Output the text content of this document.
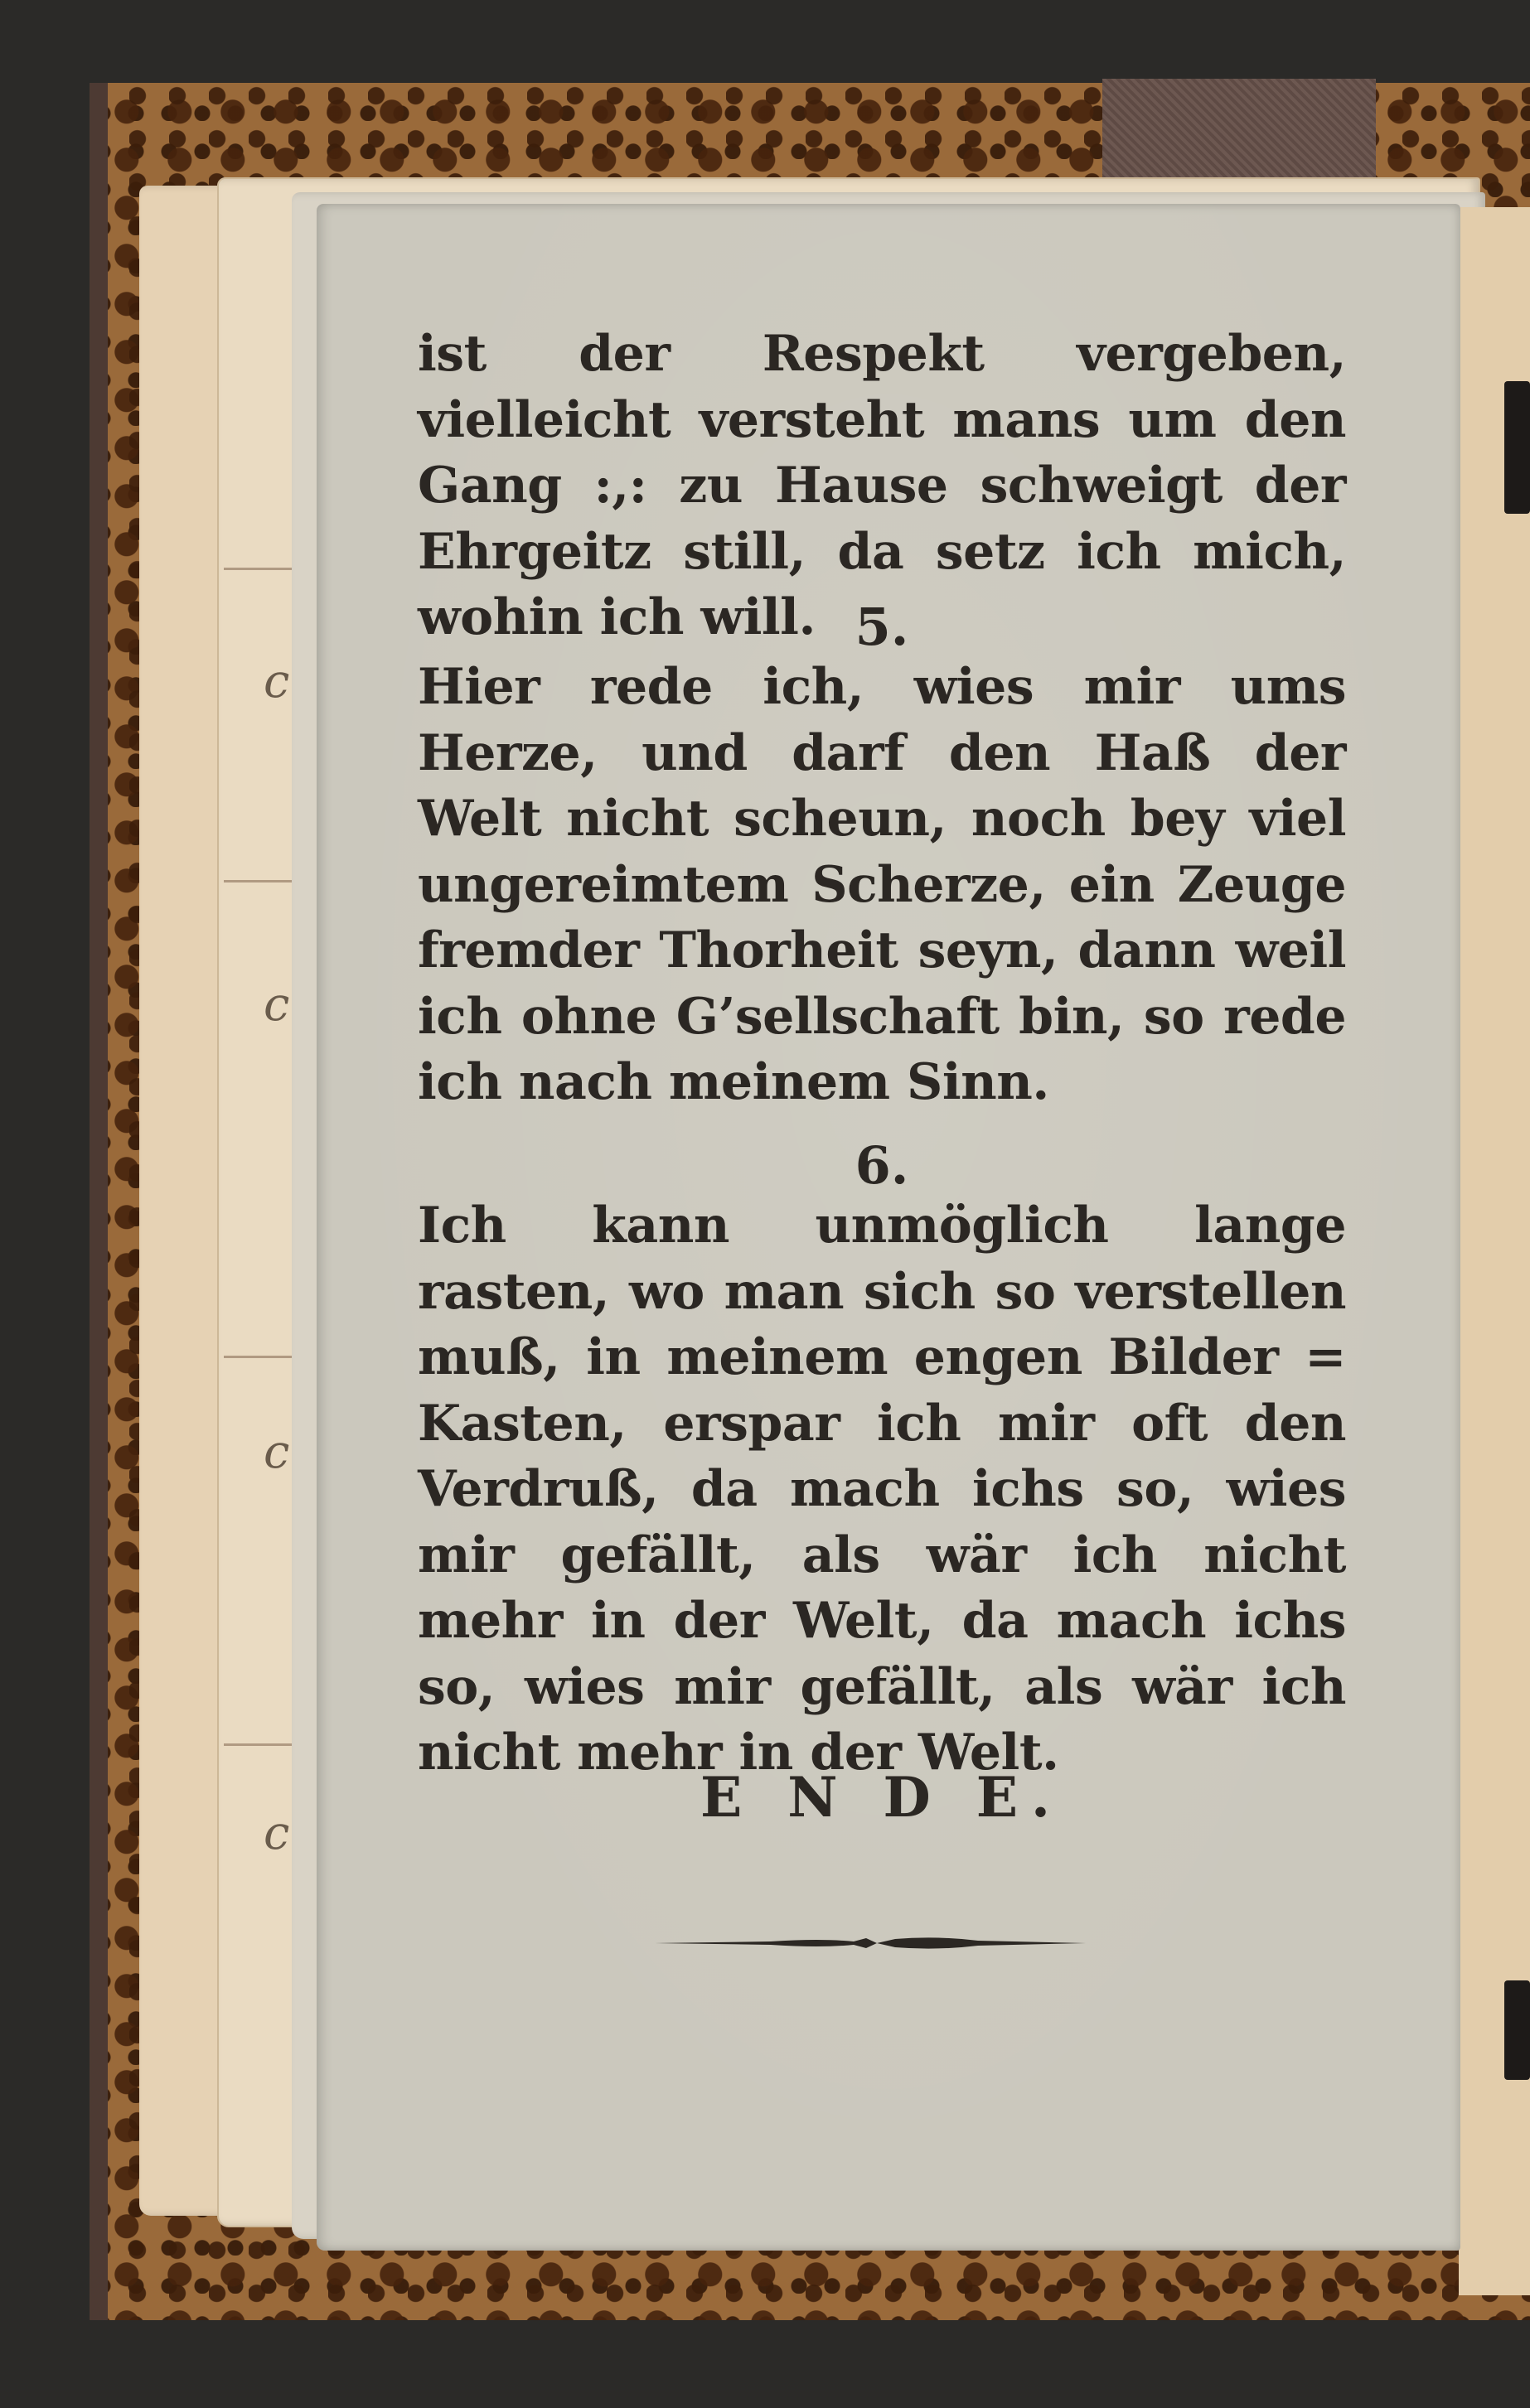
c
c
c
c
ist der Respekt vergeben, vielleicht versteht mans um den Gang :,: zu Hause schweigt der Ehrgeitz still, da setz ich mich, wohin ich will. 5.
Hier rede ich, wies mir ums Herze, und darf den Haß der Welt nicht scheun, noch bey viel ungereimtem Scherze, ein Zeuge fremder Thorheit seyn, dann weil ich ohne G’sellschaft bin, so rede ich nach meinem Sinn.
6.
Ich kann unmöglich lange rasten, wo man sich so verstellen muß, in meinem engen Bilder = Kasten, erspar ich mir oft den Verdruß, da mach ichs so, wies mir gefällt, als wär ich nicht mehr in der Welt, da mach ichs so, wies mir gefällt, als wär ich nicht mehr in der Welt.
E N D E.
